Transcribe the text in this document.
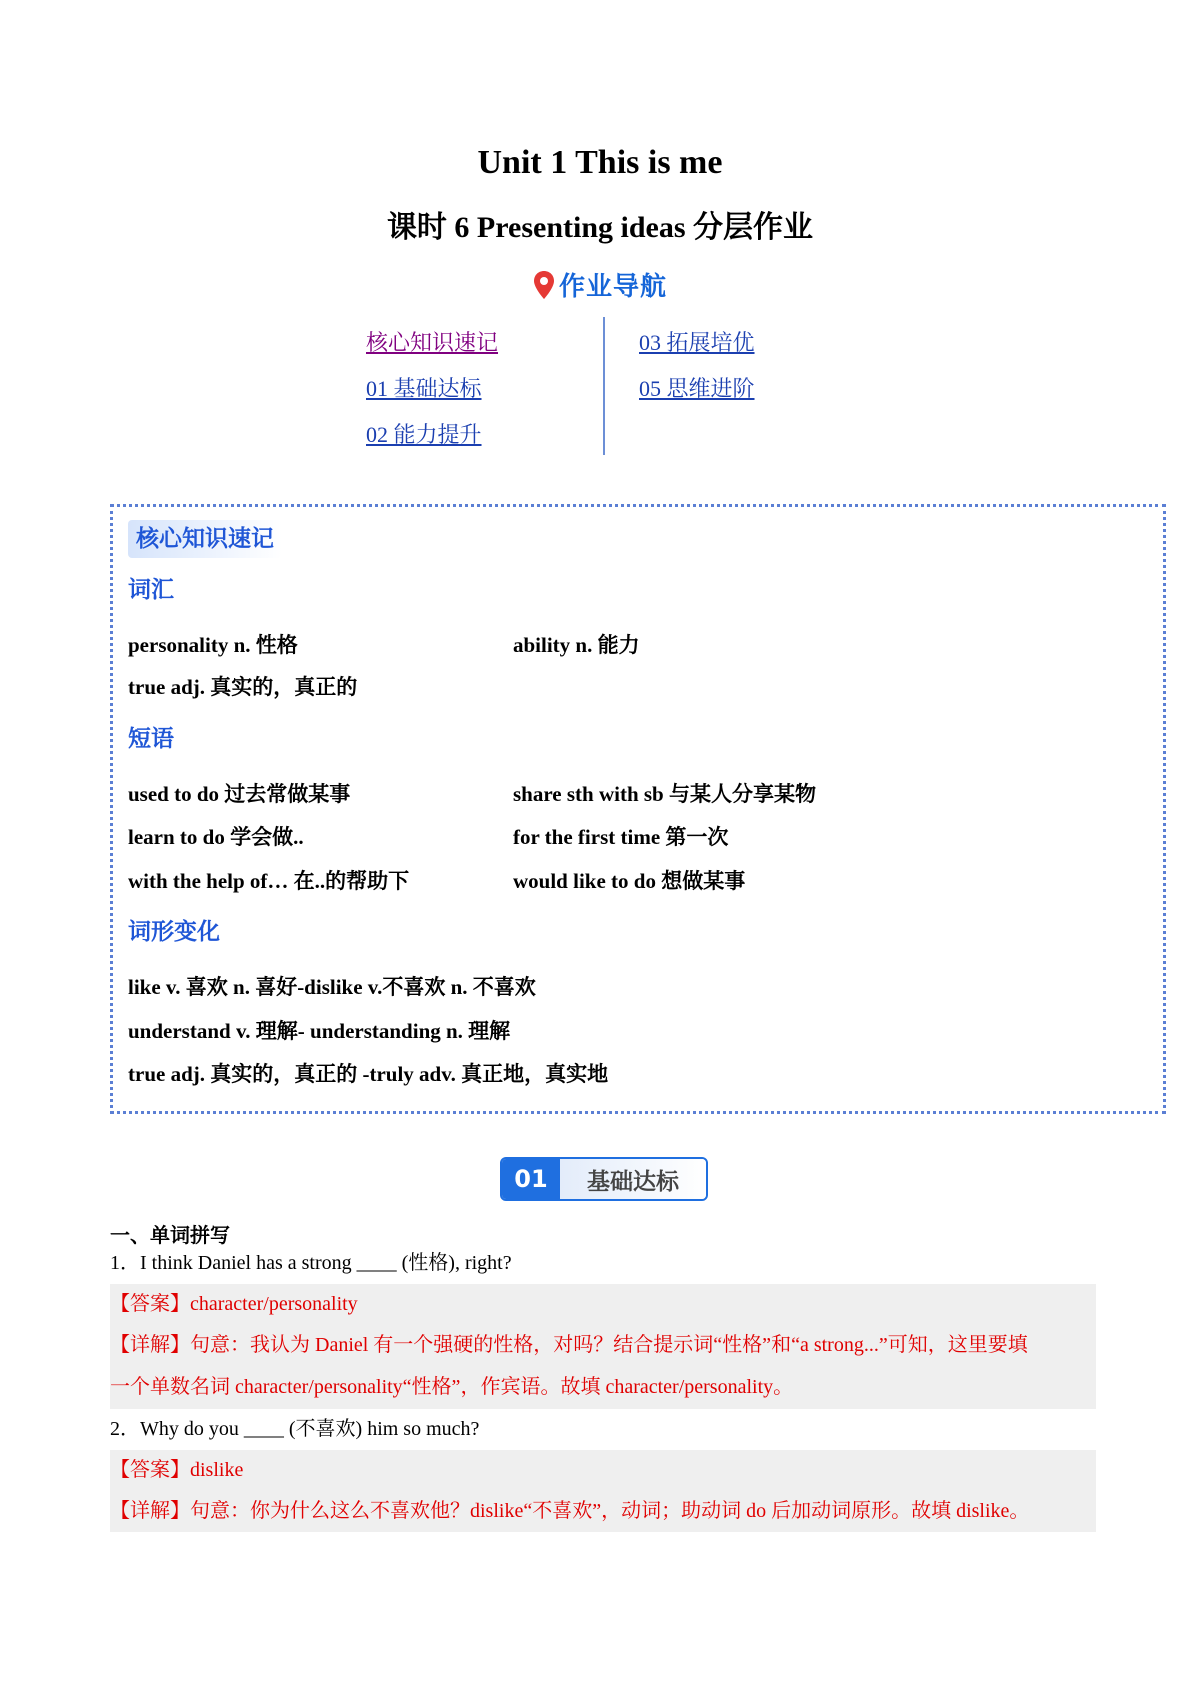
Unit 1 This is me
课时 6 Presenting ideas 分层作业
作业导航
核心知识速记
01 基础达标
02 能力提升
03 拓展培优
05 思维进阶
核心知识速记
词汇
personality n. 性格	ability n. 能力
true adj. 真实的，真正的
短语
used to do 过去常做某事	share sth with sb 与某人分享某物
learn to do 学会做..	for the first time 第一次
with the help of… 在..的帮助下	would like to do 想做某事
词形变化
like v. 喜欢 n. 喜好-dislike v.不喜欢 n. 不喜欢
understand v. 理解- understanding n. 理解
true adj. 真实的，真正的 -truly adv. 真正地，真实地
01	基础达标
一、单词拼写
1．I think Daniel has a strong ____ (性格), right?
【答案】character/personality
【详解】句意：我认为 Daniel 有一个强硬的性格，对吗？结合提示词“性格”和“a strong...”可知，这里要填
一个单数名词 character/personality“性格”，作宾语。故填 character/personality。
2．Why do you ____ (不喜欢) him so much?
【答案】dislike
【详解】句意：你为什么这么不喜欢他？dislike“不喜欢”，动词；助动词 do 后加动词原形。故填 dislike。
